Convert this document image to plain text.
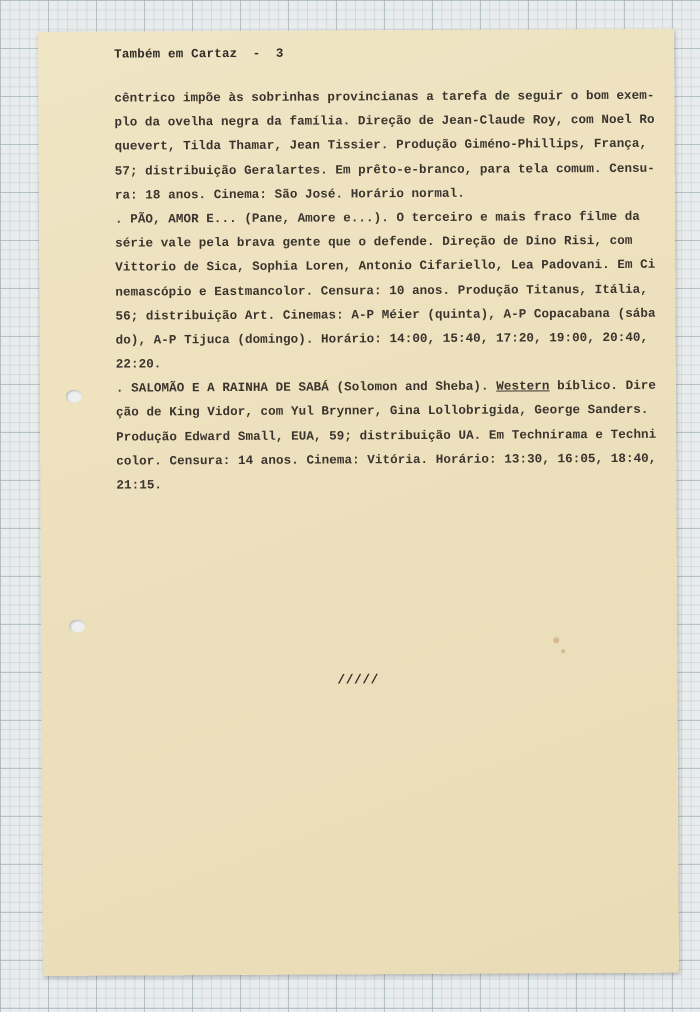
Também em Cartaz - 3
cêntrico impõe às sobrinhas provincianas a tarefa de seguir o bom exem-
plo da ovelha negra da família. Direção de Jean-Claude Roy, com Noel Ro
quevert, Tilda Thamar, Jean Tissier. Produção Giméno-Phillips, França,
57; distribuição Geralartes. Em prêto-e-branco, para tela comum. Censu-
ra: 18 anos. Cinema: São José. Horário normal.
. PÃO, AMOR E... (Pane, Amore e...). O terceiro e mais fraco filme da
série vale pela brava gente que o defende. Direção de Dino Risi, com
Vittorio de Sica, Sophia Loren, Antonio Cifariello, Lea Padovani. Em Ci
nemascópio e Eastmancolor. Censura: 10 anos. Produção Titanus, Itália,
56; distribuição Art. Cinemas: A-P Méier (quinta), A-P Copacabana (sába
do), A-P Tijuca (domingo). Horário: 14:00, 15:40, 17:20, 19:00, 20:40,
22:20.
. SALOMÃO E A RAINHA DE SABÁ (Solomon and Sheba). Western bíblico. Dire
ção de King Vidor, com Yul Brynner, Gina Lollobrigida, George Sanders.
Produção Edward Small, EUA, 59; distribuição UA. Em Technirama e Techni
color. Censura: 14 anos. Cinema: Vitória. Horário: 13:30, 16:05, 18:40,
21:15.
/////
